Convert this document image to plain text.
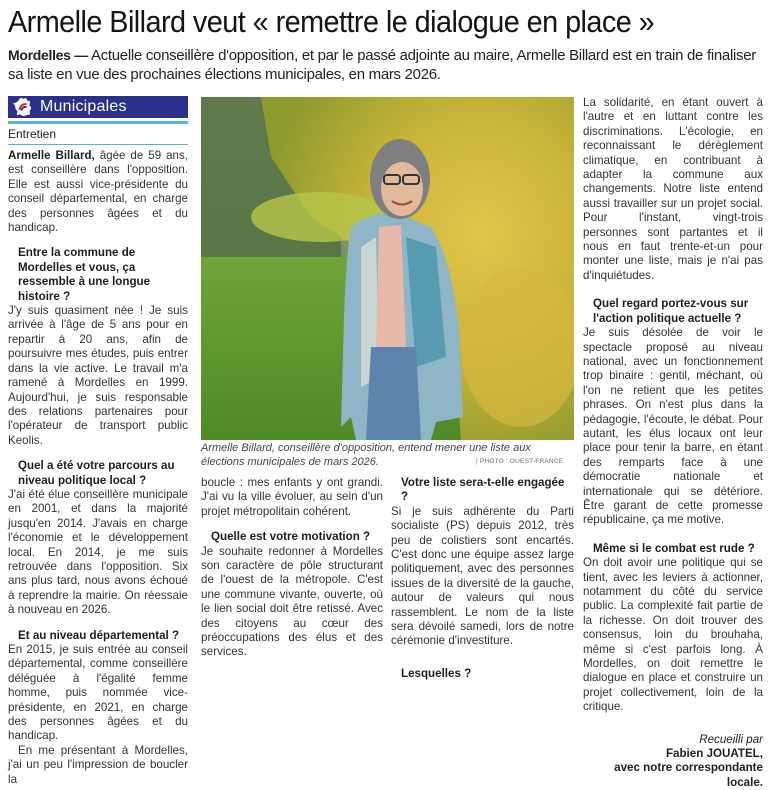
Armelle Billard veut « remettre le dialogue en place »
Mordelles — Actuelle conseillère d'opposition, et par le passé adjointe au maire, Armelle Billard est en train de finaliser sa liste en vue des prochaines élections municipales, en mars 2026.
Municipales
Entretien

Armelle Billard, âgée de 59 ans, est conseillère dans l'opposition. Elle est aussi vice-présidente du conseil départemental, en charge des personnes âgées et du handicap.

Entre la commune de Mordelles et vous, ça ressemble à une longue histoire ?

J'y suis quasiment née ! Je suis arrivée à l'âge de 5 ans pour en repartir à 20 ans, afin de poursuivre mes études, puis entrer dans la vie active. Le travail m'a ramené à Mordelles en 1999. Aujourd'hui, je suis responsable des relations partenaires pour l'opérateur de transport public Keolis.

Quel a été votre parcours au niveau politique local ?

J'ai été élue conseillère municipale en 2001, et dans la majorité jusqu'en 2014. J'avais en charge l'économie et le développement local. En 2014, je me suis retrouvée dans l'opposition. Six ans plus tard, nous avons échoué à reprendre la mairie. On réessaie à nouveau en 2026.

Et au niveau départemental ?

En 2015, je suis entrée au conseil départemental, comme conseillère déléguée à l'égalité femme homme, puis nommée vice-présidente, en 2021, en charge des personnes âgées et du handicap.

En me présentant à Mordelles, j'ai un peu l'impression de boucler la

Armelle Billard, conseillère d'opposition, entend mener une liste aux élections municipales de mars 2026.	| PHOTO : OUEST-FRANCE

boucle : mes enfants y ont grandi. J'ai vu la ville évoluer, au sein d'un projet métropolitain cohérent.

Quelle est votre motivation ?

Je souhaite redonner à Mordelles son caractère de pôle structurant de l'ouest de la métropole. C'est une commune vivante, ouverte, où le lien social doit être retissé. Avec des citoyens au cœur des préoccupations des élus et des services.

Votre liste sera-t-elle engagée ?

Si je suis adhérente du Parti socialiste (PS) depuis 2012, très peu de colistiers sont encartés. C'est donc une équipe assez large politiquement, avec des personnes issues de la diversité de la gauche, autour de valeurs qui nous rassemblent. Le nom de la liste sera dévoilé samedi, lors de notre cérémonie d'investiture.

Lesquelles ?

La solidarité, en étant ouvert à l'autre et en luttant contre les discriminations. L'écologie, en reconnaissant le dérèglement climatique, en contribuant à adapter la commune aux changements. Notre liste entend aussi travailler sur un projet social. Pour l'instant, vingt-trois personnes sont partantes et il nous en faut trente-et-un pour monter une liste, mais je n'ai pas d'inquiétudes.

Quel regard portez-vous sur l'action politique actuelle ?

Je suis désolée de voir le spectacle proposé au niveau national, avec un fonctionnement trop binaire : gentil, méchant, où l'on ne retient que les petites phrases. On n'est plus dans la pédagogie, l'écoute, le débat. Pour autant, les élus locaux ont leur place pour tenir la barre, en étant des remparts face à une démocratie nationale et internationale qui se détériore. Être garant de cette promesse républicaine, ça me motive.

Même si le combat est rude ?

On doit avoir une politique qui se tient, avec les leviers à actionner, notamment du côté du service public. La complexité fait partie de la richesse. On doit trouver des consensus, loin du brouhaha, même si c'est parfois long. À Mordelles, on doit remettre le dialogue en place et construire un projet collectivement, loin de la critique.

Recueilli par
Fabien JOUATEL,
avec notre correspondante locale.
